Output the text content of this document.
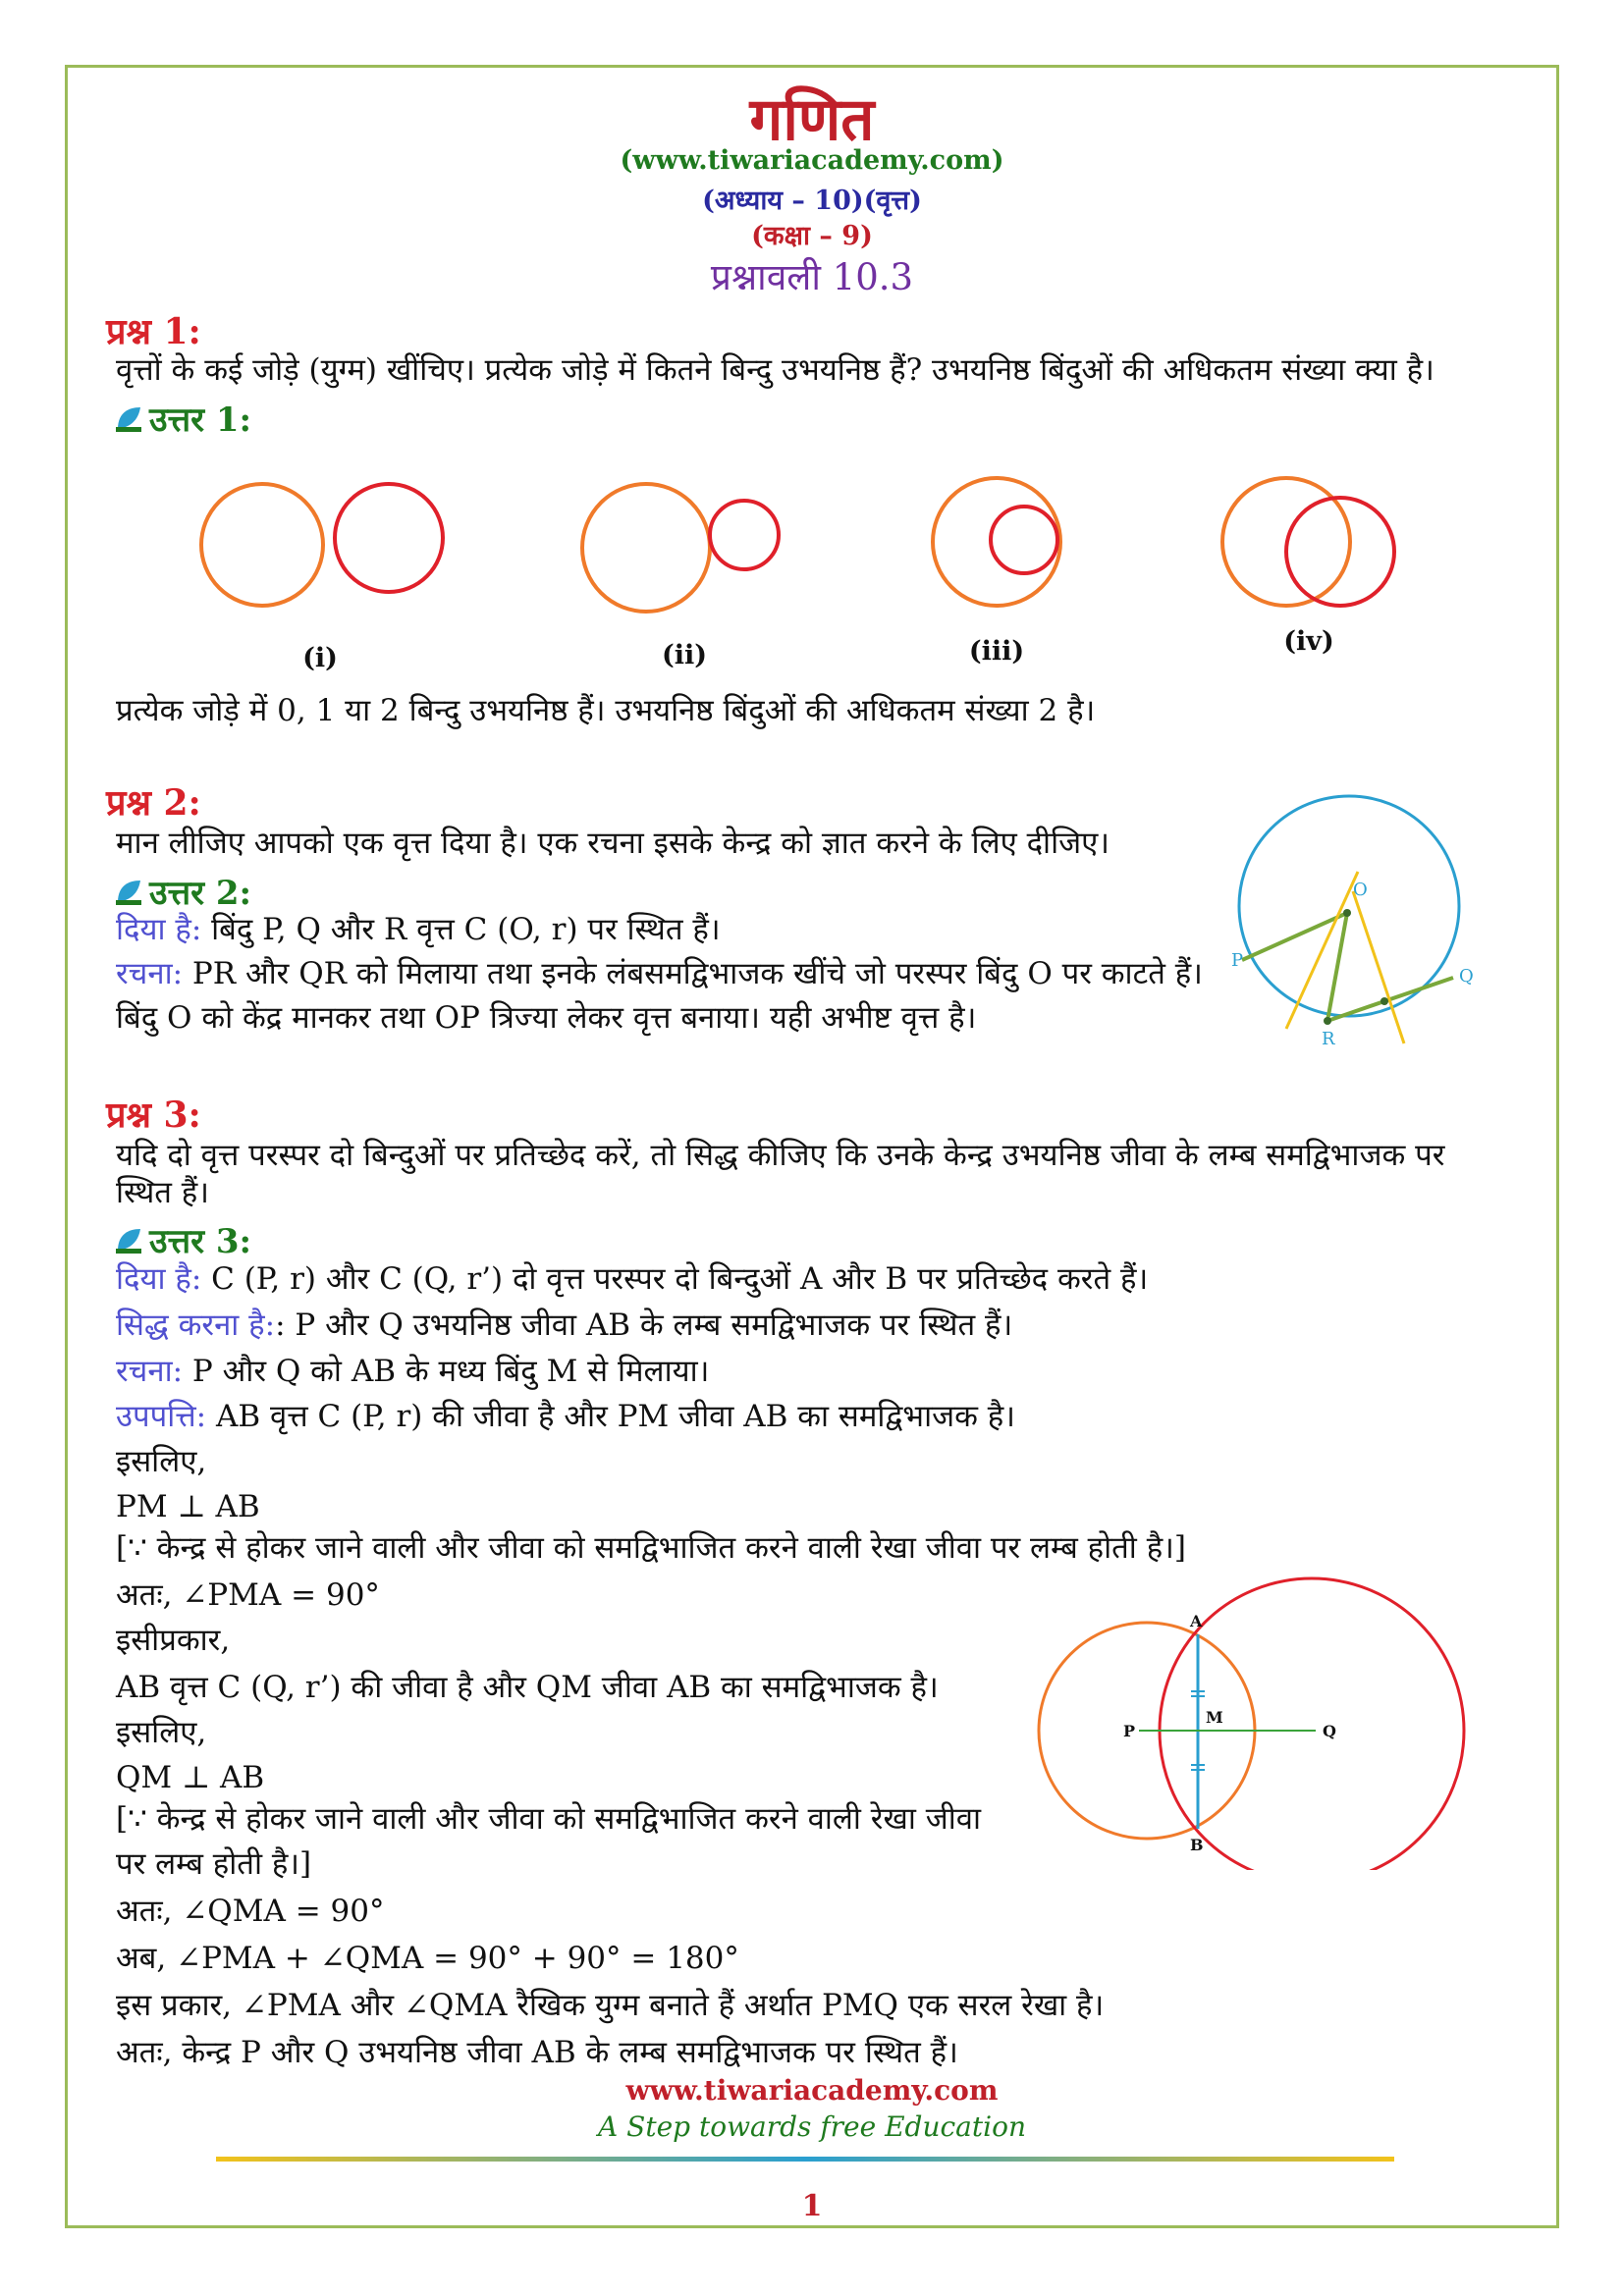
गणित
(www.tiwariacademy.com)
(अध्याय – 10)(वृत्त)
(कक्षा – 9)
प्रश्नावली 10.3
प्रश्न 1:
वृत्तों के कई जोड़े (युग्म) खींचिए। प्रत्येक जोड़े में कितने बिन्दु उभयनिष्ठ हैं? उभयनिष्ठ बिंदुओं की अधिकतम संख्या क्या है।
उत्तर 1:
(i)	(ii)	(iii)	(iv)
प्रत्येक जोड़े में 0, 1 या 2 बिन्दु उभयनिष्ठ हैं। उभयनिष्ठ बिंदुओं की अधिकतम संख्या 2 है।
प्रश्न 2:
मान लीजिए आपको एक वृत्त दिया है। एक रचना इसके केन्द्र को ज्ञात करने के लिए दीजिए।
उत्तर 2:
दिया है: बिंदु P, Q और R वृत्त C (O, r) पर स्थित हैं।
रचना: PR और QR को मिलाया तथा इनके लंबसमद्विभाजक खींचे जो परस्पर बिंदु O पर काटते हैं।
बिंदु O को केंद्र मानकर तथा OP त्रिज्या लेकर वृत्त बनाया। यही अभीष्ट वृत्त है।
O
P
Q
R
प्रश्न 3:
यदि दो वृत्त परस्पर दो बिन्दुओं पर प्रतिच्छेद करें, तो सिद्ध कीजिए कि उनके केन्द्र उभयनिष्ठ जीवा के लम्ब समद्विभाजक पर
स्थित हैं।
उत्तर 3:
दिया है: C (P, r) और C (Q, r’) दो वृत्त परस्पर दो बिन्दुओं A और B पर प्रतिच्छेद करते हैं।
सिद्ध करना है:: P और Q उभयनिष्ठ जीवा AB के लम्ब समद्विभाजक पर स्थित हैं।
रचना: P और Q को AB के मध्य बिंदु M से मिलाया।
उपपत्ति: AB वृत्त C (P, r) की जीवा है और PM जीवा AB का समद्विभाजक है।
इसलिए,
PM ⊥ AB
[∵ केन्द्र से होकर जाने वाली और जीवा को समद्विभाजित करने वाली रेखा जीवा पर लम्ब होती है।]
अतः, ∠PMA = 90°
इसीप्रकार,
AB वृत्त C (Q, r’) की जीवा है और QM जीवा AB का समद्विभाजक है।
इसलिए,
QM ⊥ AB
[∵ केन्द्र से होकर जाने वाली और जीवा को समद्विभाजित करने वाली रेखा जीवा
पर लम्ब होती है।]
अतः, ∠QMA = 90°
अब, ∠PMA + ∠QMA = 90° + 90° = 180°
इस प्रकार, ∠PMA और ∠QMA रैखिक युग्म बनाते हैं अर्थात PMQ एक सरल रेखा है।
अतः, केन्द्र P और Q उभयनिष्ठ जीवा AB के लम्ब समद्विभाजक पर स्थित हैं।
A
B
P	Q
M
www.tiwariacademy.com
A Step towards free Education
1
